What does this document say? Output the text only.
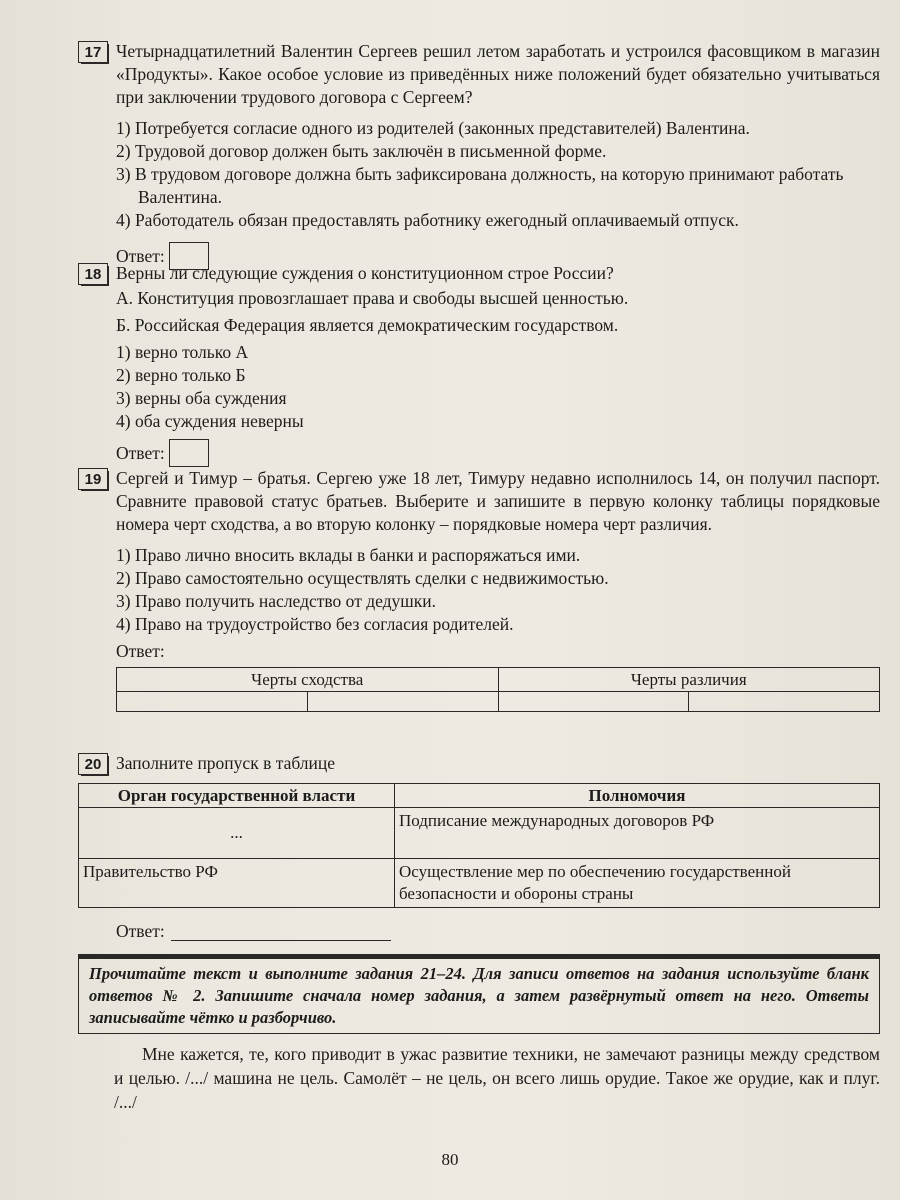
17 Четырнадцатилетний Валентин Сергеев решил летом заработать и устроился фасовщиком в магазин «Продукты». Какое особое условие из приведённых ниже положений будет обязательно учитываться при заключении трудового договора с Сергеем?
1) Потребуется согласие одного из родителей (законных представителей) Валентина.
2) Трудовой договор должен быть заключён в письменной форме.
3) В трудовом договоре должна быть зафиксирована должность, на которую принимают работать Валентина.
4) Работодатель обязан предоставлять работнику ежегодный оплачиваемый отпуск.
Ответ:
18 Верны ли следующие суждения о конституционном строе России?
А. Конституция провозглашает права и свободы высшей ценностью.
Б. Российская Федерация является демократическим государством.
1) верно только А
2) верно только Б
3) верны оба суждения
4) оба суждения неверны
Ответ:
19 Сергей и Тимур – братья. Сергею уже 18 лет, Тимуру недавно исполнилось 14, он получил паспорт. Сравните правовой статус братьев. Выберите и запишите в первую колонку таблицы порядковые номера черт сходства, а во вторую колонку – порядковые номера черт различия.
1) Право лично вносить вклады в банки и распоряжаться ими.
2) Право самостоятельно осуществлять сделки с недвижимостью.
3) Право получить наследство от дедушки.
4) Право на трудоустройство без согласия родителей.
Ответ:
Черты сходства		Черты различия	

20 Заполните пропуск в таблице
Орган государственной власти	Полномочия
...	Подписание международных договоров РФ
Правительство РФ	Осуществление мер по обеспечению государственной безопасности и обороны страны
Ответ:
Прочитайте текст и выполните задания 21–24. Для записи ответов на задания используйте бланк ответов № 2. Запишите сначала номер задания, а затем развёрнутый ответ на него. Ответы записывайте чётко и разборчиво.
Мне кажется, те, кого приводит в ужас развитие техники, не замечают разницы между средством и целью. /.../ машина не цель. Самолёт – не цель, он всего лишь орудие. Такое же орудие, как и плуг. /.../
80
